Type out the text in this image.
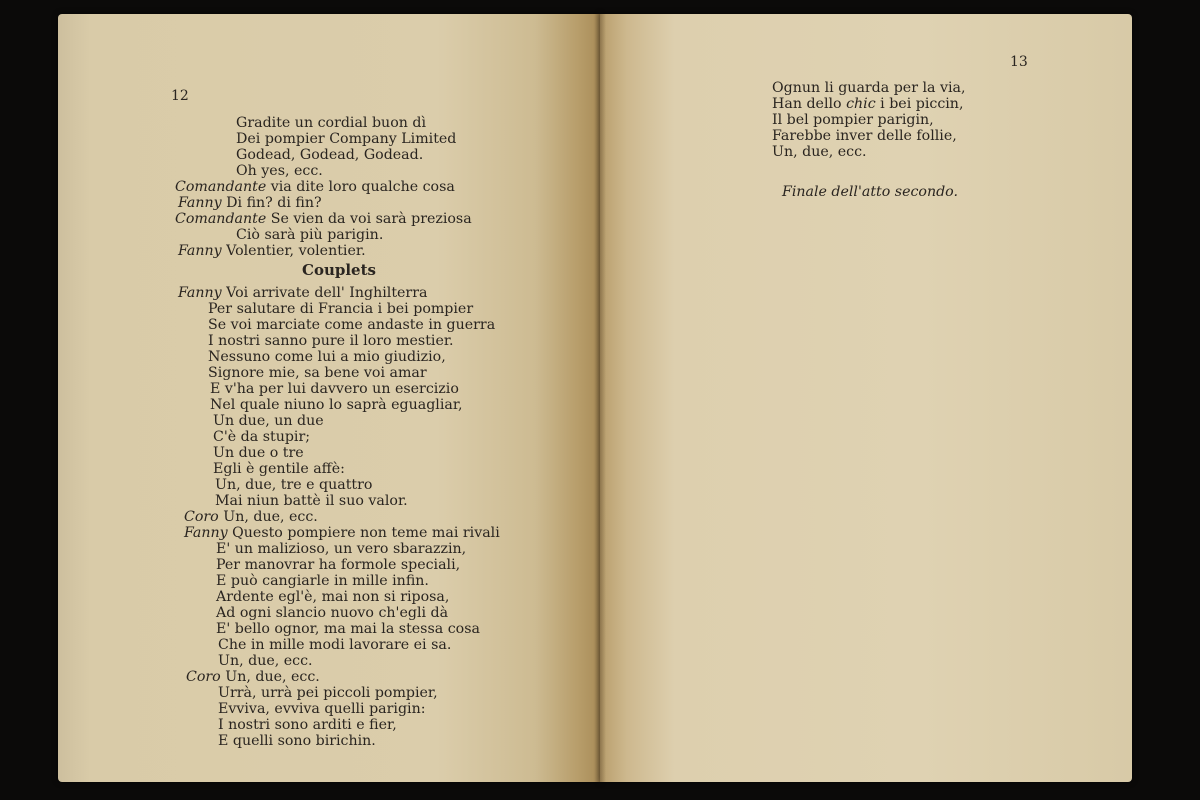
12
Gradite un cordial buon dì
Dei pompier Company Limited
Godead, Godead, Godead.
Oh yes, ecc.
Comandante via dite loro qualche cosa
Fanny Di fin? di fin?
Comandante Se vien da voi sarà preziosa
Ciò sarà più parigin.
Fanny Volentier, volentier.
Couplets
Fanny Voi arrivate dell' Inghilterra
Per salutare di Francia i bei pompier
Se voi marciate come andaste in guerra
I nostri sanno pure il loro mestier.
Nessuno come lui a mio giudizio,
Signore mie, sa bene voi amar
E v'ha per lui davvero un esercizio
Nel quale niuno lo saprà eguagliar,
Un due, un due
C'è da stupir;
Un due o tre
Egli è gentile affè:
Un, due, tre e quattro
Mai niun battè il suo valor.
Coro Un, due, ecc.
Fanny Questo pompiere non teme mai rivali
E' un malizioso, un vero sbarazzin,
Per manovrar ha formole speciali,
E può cangiarle in mille infin.
Ardente egl'è, mai non si riposa,
Ad ogni slancio nuovo ch'egli dà
E' bello ognor, ma mai la stessa cosa
Che in mille modi lavorare ei sa.
Un, due, ecc.
Coro Un, due, ecc.
Urrà, urrà pei piccoli pompier,
Evviva, evviva quelli parigin:
I nostri sono arditi e fier,
E quelli sono birichin.
13
Ognun li guarda per la via,
Han dello chic i bei piccin,
Il bel pompier parigin,
Farebbe inver delle follie,
Un, due, ecc.
Finale dell'atto secondo.
